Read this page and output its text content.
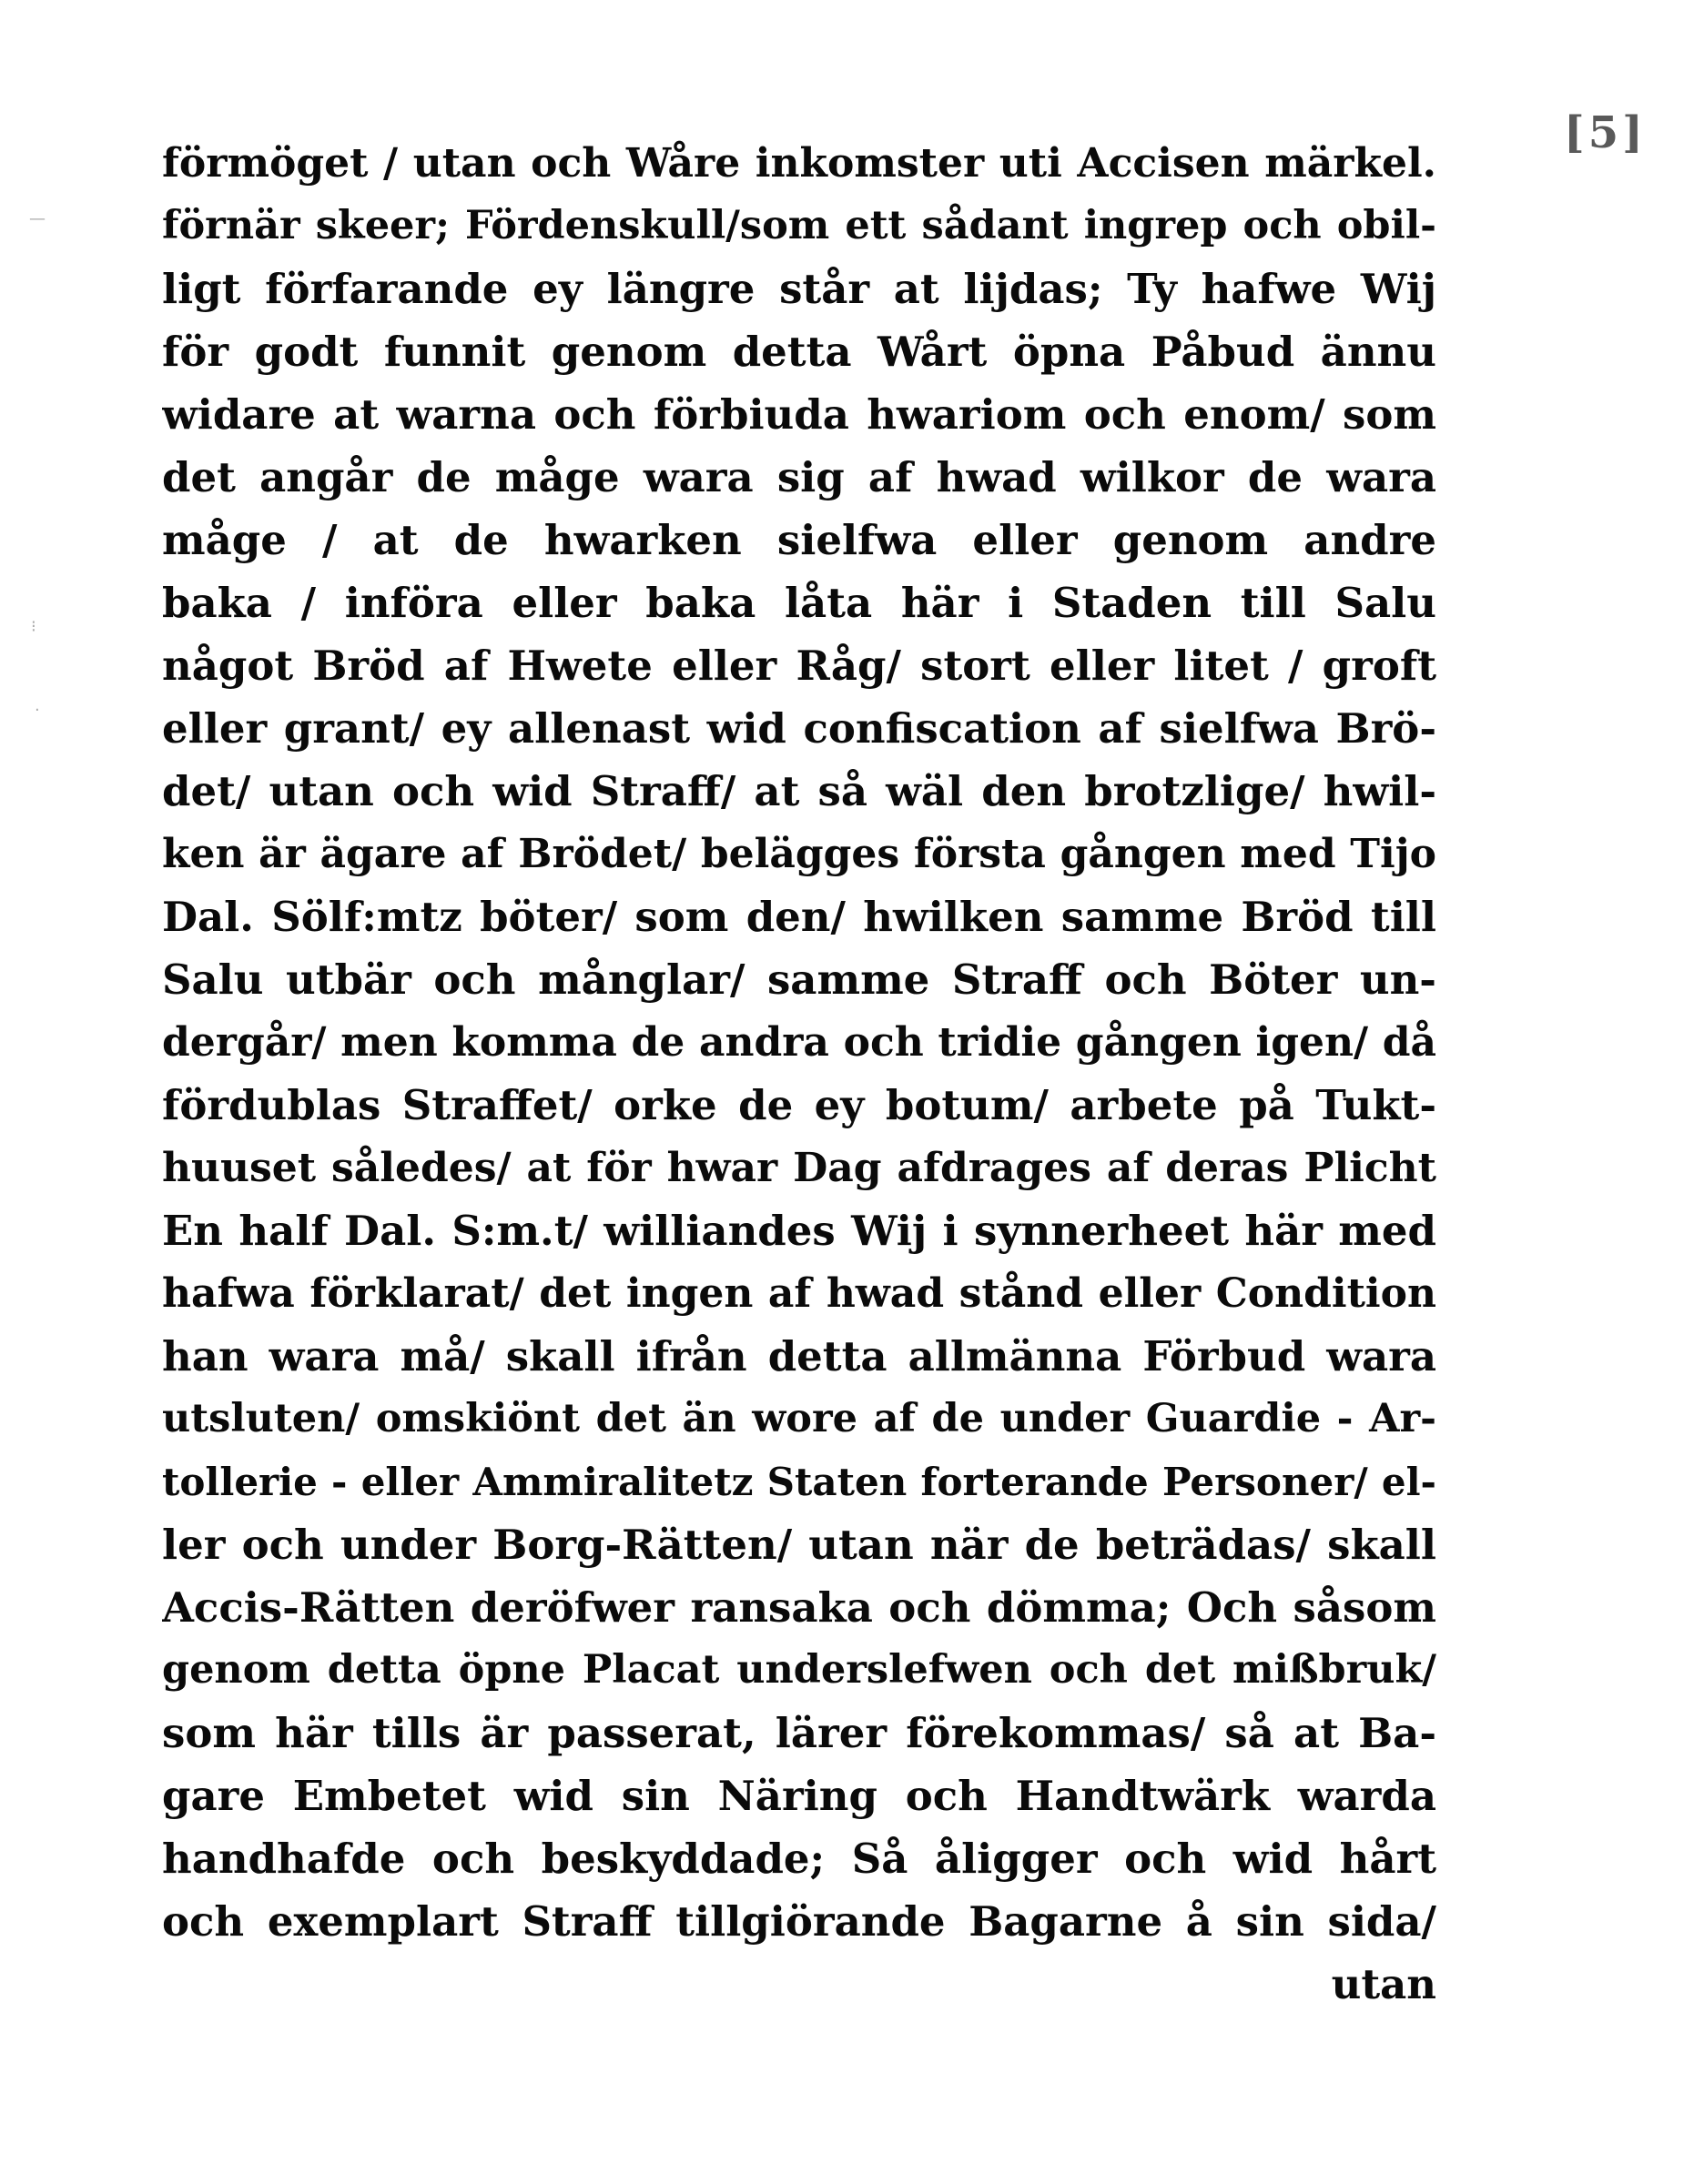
[5]
—
⁝
·
förmöget / utan och Wåre inkomster uti Accisen märkel.
förnär skeer; Fördenskull/som ett sådant ingrep och obil-
ligt förfarande ey längre står at lijdas; Ty hafwe Wij
för godt funnit genom detta Wårt öpna Påbud ännu
widare at warna och förbiuda hwariom och enom/ som
det angår de måge wara sig af hwad wilkor de wara
måge / at de hwarken sielfwa eller genom andre
baka / införa eller baka låta här i Staden till Salu
något Bröd af Hwete eller Råg/ stort eller litet / groft
eller grant/ ey allenast wid confiscation af sielfwa Brö-
det/ utan och wid Straff/ at så wäl den brotzlige/ hwil-
ken är ägare af Brödet/ belägges första gången med Tijo
Dal. Sölf:mtz böter/ som den/ hwilken samme Bröd till
Salu utbär och månglar/ samme Straff och Böter un-
dergår/ men komma de andra och tridie gången igen/ då
fördublas Straffet/ orke de ey botum/ arbete på Tukt-
huuset således/ at för hwar Dag afdrages af deras Plicht
En half Dal. S:m.t/ williandes Wij i synnerheet här med
hafwa förklarat/ det ingen af hwad stånd eller Condition
han wara må/ skall ifrån detta allmänna Förbud wara
utsluten/ omskiönt det än wore af de under Guardie - Ar-
tollerie - eller Ammiralitetz Staten forterande Personer/ el-
ler och under Borg-Rätten/ utan när de beträdas/ skall
Accis-Rätten deröfwer ransaka och dömma; Och såsom
genom detta öpne Placat underslefwen och det mißbruk/
som här tills är passerat, lärer förekommas/ så at Ba-
gare Embetet wid sin Näring och Handtwärk warda
handhafde och beskyddade; Så åligger och wid hårt
och exemplart Straff tillgiörande Bagarne å sin sida/
utan
